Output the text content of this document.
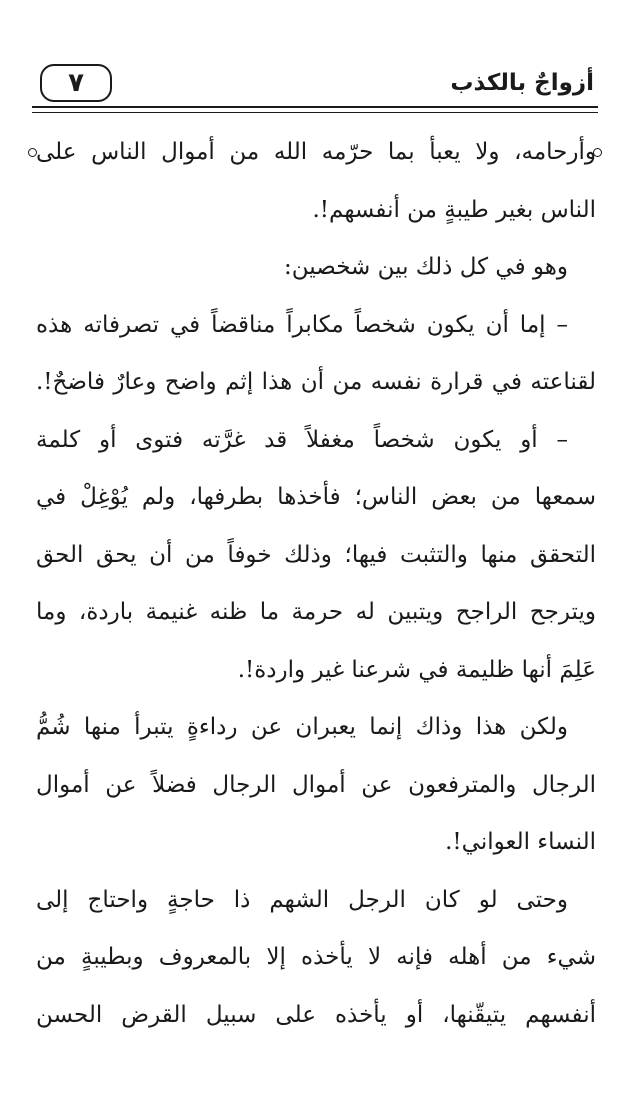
٧	أزواجٌ بالكذب
وأرحامه، ولا يعبأ بما حرّمه الله من أموال الناس على
الناس بغير طيبةٍ من أنفسهم!.
وهو في كل ذلك بين شخصين:
– إما أن يكون شخصاً مكابراً مناقضاً في تصرفاته هذه
لقناعته في قرارة نفسه من أن هذا إثم واضح وعارٌ فاضحٌ!.
– أو يكون شخصاً مغفلاً قد غرَّته فتوى أو كلمة
سمعها من بعض الناس؛ فأخذها بطرفها، ولم يُوْغِلْ في
التحقق منها والتثبت فيها؛ وذلك خوفاً من أن يحق الحق
ويترجح الراجح ويتبين له حرمة ما ظنه غنيمة باردة، وما
عَلِمَ أنها ظليمة في شرعنا غير واردة!.
ولكن هذا وذاك إنما يعبران عن رداءةٍ يتبرأ منها شُمُّ
الرجال والمترفعون عن أموال الرجال فضلاً عن أموال
النساء العواني!.
وحتى لو كان الرجل الشهم ذا حاجةٍ واحتاج إلى
شيء من أهله فإنه لا يأخذه إلا بالمعروف وبطيبةٍ من
أنفسهم يتيقّنها، أو يأخذه على سبيل القرض الحسن
